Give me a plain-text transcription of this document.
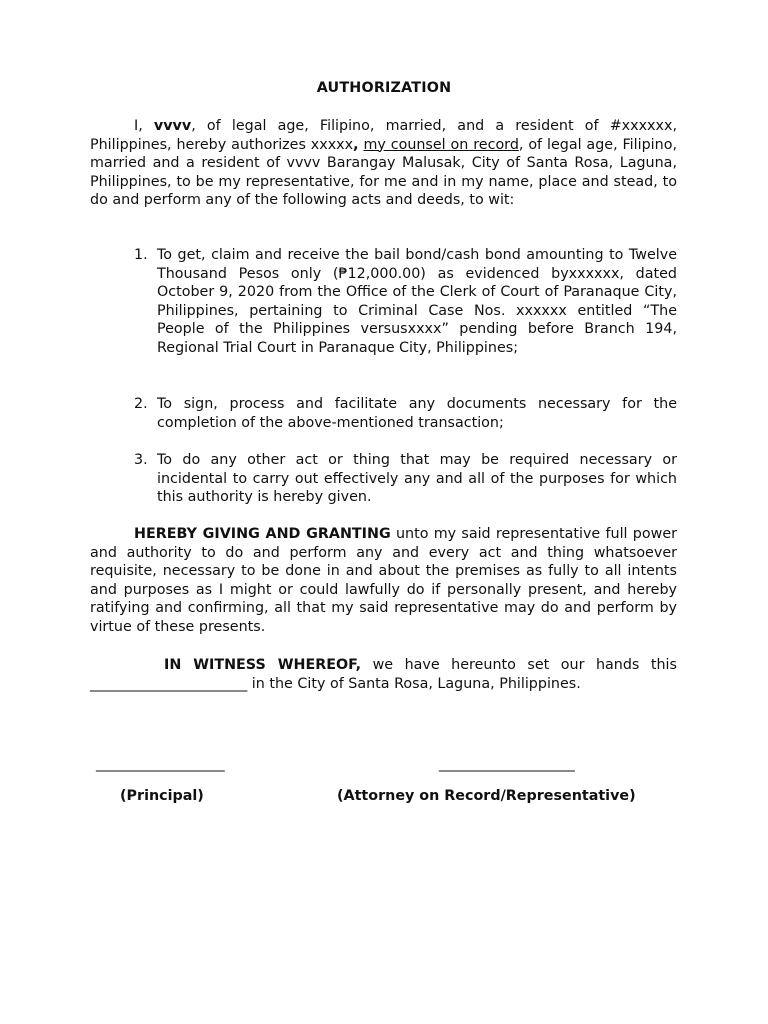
AUTHORIZATION

I, vvvv, of legal age, Filipino, married, and a resident of #xxxxxx, Philippines, hereby authorizes xxxxx, my counsel on record, of legal age, Filipino, married and a resident of vvvv Barangay Malusak, City of Santa Rosa, Laguna, Philippines, to be my representative, for me and in my name, place and stead, to do and perform any of the following acts and deeds, to wit:

1. To get, claim and receive the bail bond/cash bond amounting to Twelve Thousand Pesos only (₱12,000.00) as evidenced byxxxxxx, dated October 9, 2020 from the Office of the Clerk of Court of Paranaque City, Philippines, pertaining to Criminal Case Nos. xxxxxx entitled “The People of the Philippines versusxxxx” pending before Branch 194, Regional Trial Court in Paranaque City, Philippines;
2. To sign, process and facilitate any documents necessary for the completion of the above-mentioned transaction;
3. To do any other act or thing that may be required necessary or incidental to carry out effectively any and all of the purposes for which this authority is hereby given.

HEREBY GIVING AND GRANTING unto my said representative full power and authority to do and perform any and every act and thing whatsoever requisite, necessary to be done in and about the premises as fully to all intents and purposes as I might or could lawfully do if personally present, and hereby ratifying and confirming, all that my said representative may do and perform by virtue of these presents.

IN WITNESS WHEREOF, we have hereunto set our hands this ______________________ in the City of Santa Rosa, Laguna, Philippines.

__________________	___________________
(Principal)	(Attorney on Record/Representative)
